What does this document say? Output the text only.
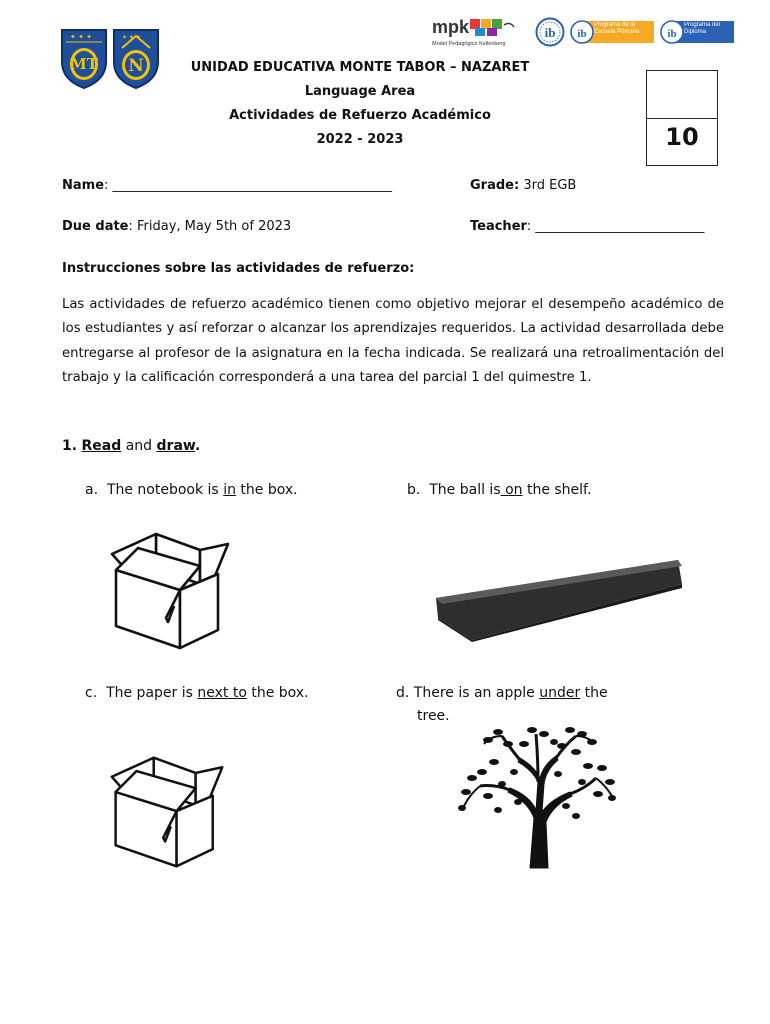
✦ ✦ ✦
MT
✦ ✦ ✦
N
mpk
Model Pedagógico Kellenberg
ib ib
Programa de la Escuela Primaria	ib
Programa del Diploma
UNIDAD EDUCATIVA MONTE TABOR – NAZARET
Language Area
Actividades de Refuerzo Académico
2022 - 2023	10
Name: ___________________________________________	Grade: 3rd EGB
Due date: Friday, May 5th of 2023	Teacher: __________________________
Instrucciones sobre las actividades de refuerzo:
Las actividades de refuerzo académico tienen como objetivo mejorar el desempeño académico de los estudiantes y así reforzar o alcanzar los aprendizajes requeridos. La actividad desarrollada debe entregarse al profesor de la asignatura en la fecha indicada. Se realizará una retroalimentación del trabajo y la calificación corresponderá a una tarea del parcial 1 del quimestre 1.
1. Read and draw.
a. The notebook is in the box.	b. The ball is on the shelf.
c. The paper is next to the box.	d. There is an apple under the
tree.
